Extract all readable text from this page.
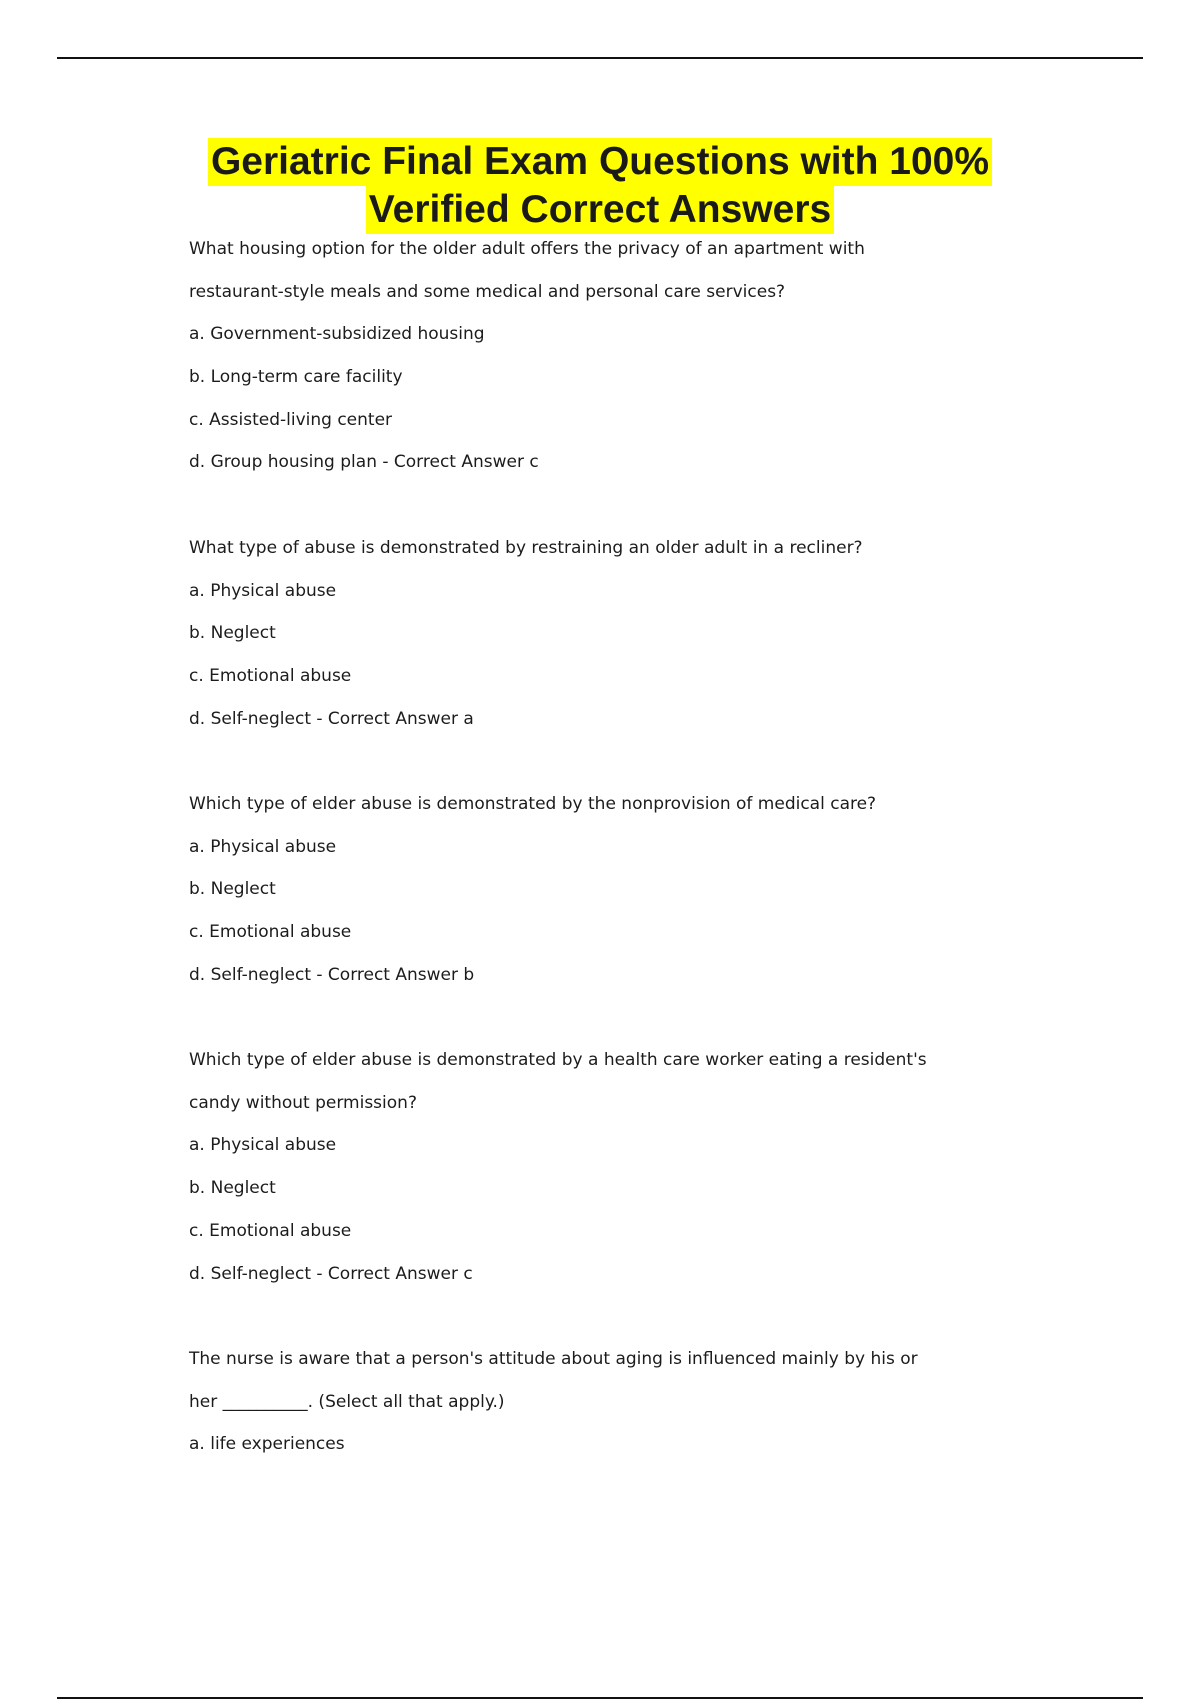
Geriatric Final Exam Questions with 100%
Verified Correct Answers
What housing option for the older adult offers the privacy of an apartment with
restaurant-style meals and some medical and personal care services?
a. Government-subsidized housing
b. Long-term care facility
c. Assisted-living center
d. Group housing plan - Correct Answer c
What type of abuse is demonstrated by restraining an older adult in a recliner?
a. Physical abuse
b. Neglect
c. Emotional abuse
d. Self-neglect - Correct Answer a
Which type of elder abuse is demonstrated by the nonprovision of medical care?
a. Physical abuse
b. Neglect
c. Emotional abuse
d. Self-neglect - Correct Answer b
Which type of elder abuse is demonstrated by a health care worker eating a resident's
candy without permission?
a. Physical abuse
b. Neglect
c. Emotional abuse
d. Self-neglect - Correct Answer c
The nurse is aware that a person's attitude about aging is influenced mainly by his or
her __________. (Select all that apply.)
a. life experiences
